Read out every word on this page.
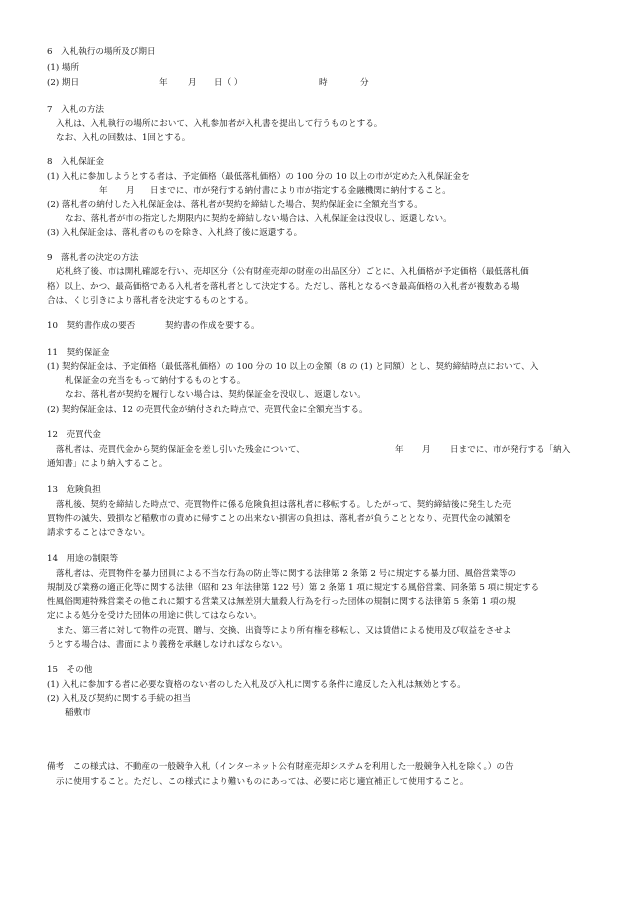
6　入札執行の場所及び期日
(1) 場所
(2) 期日	年 月 日（ ）	時	分
7　入札の方法
入札は、入札執行の場所において、入札参加者が入札書を提出して行うものとする。
なお、入札の回数は、1回とする。
8　入札保証金
(1) 入札に参加しようとする者は、予定価格（最低落札価格）の 100 分の 10 以上の市が定めた入札保証金を
年 月 日までに、市が発行する納付書により市が指定する金融機関に納付すること。
(2) 落札者の納付した入札保証金は、落札者が契約を締結した場合、契約保証金に全額充当する。
なお、落札者が市の指定した期限内に契約を締結しない場合は、入札保証金は没収し、返還しない。
(3) 入札保証金は、落札者のものを除き、入札終了後に返還する。
9　落札者の決定の方法
応札終了後、市は開札確認を行い、売却区分（公有財産売却の財産の出品区分）ごとに、入札価格が予定価格（最低落札価
格）以上、かつ、最高価格である入札者を落札者として決定する。ただし、落札となるべき最高価格の入札者が複数ある場
合は、くじ引きにより落札者を決定するものとする。
10　契約書作成の要否	契約書の作成を要する。
11　契約保証金
(1) 契約保証金は、予定価格（最低落札価格）の 100 分の 10 以上の金額（8 の (1) と同額）とし、契約締結時点において、入
札保証金の充当をもって納付するものとする。
なお、落札者が契約を履行しない場合は、契約保証金を没収し、返還しない。
(2) 契約保証金は、12 の売買代金が納付された時点で、売買代金に全額充当する。
12　売買代金
落札者は、売買代金から契約保証金を差し引いた残金について、	年 月 日までに、市が発行する「納入
通知書」により納入すること。
13　危険負担
落札後、契約を締結した時点で、売買物件に係る危険負担は落札者に移転する。したがって、契約締結後に発生した売
買物件の滅失、毀損など稲敷市の責めに帰すことの出来ない損害の負担は、落札者が負うこととなり、売買代金の減額を
請求することはできない。
14　用途の制限等
落札者は、売買物件を暴力団員による不当な行為の防止等に関する法律第 2 条第 2 号に規定する暴力団、風俗営業等の
規制及び業務の適正化等に関する法律（昭和 23 年法律第 122 号）第 2 条第 1 項に規定する風俗営業、同条第 5 項に規定する
性風俗関連特殊営業その他これに類する営業又は無差別大量殺人行為を行った団体の規制に関する法律第 5 条第 1 項の規
定による処分を受けた団体の用途に供してはならない。
また、第三者に対して物件の売買、贈与、交換、出資等により所有権を移転し、又は賃借による使用及び収益をさせよ
うとする場合は、書面により義務を承継しなければならない。
15　その他
(1) 入札に参加する者に必要な資格のない者のした入札及び入札に関する条件に違反した入札は無効とする。
(2) 入札及び契約に関する手続の担当
稲敷市
備考　この様式は、不動産の一般競争入札（インターネット公有財産売却システムを利用した一般競争入札を除く。）の告
示に使用すること。ただし、この様式により難いものにあっては、必要に応じ適宜補正して使用すること。
